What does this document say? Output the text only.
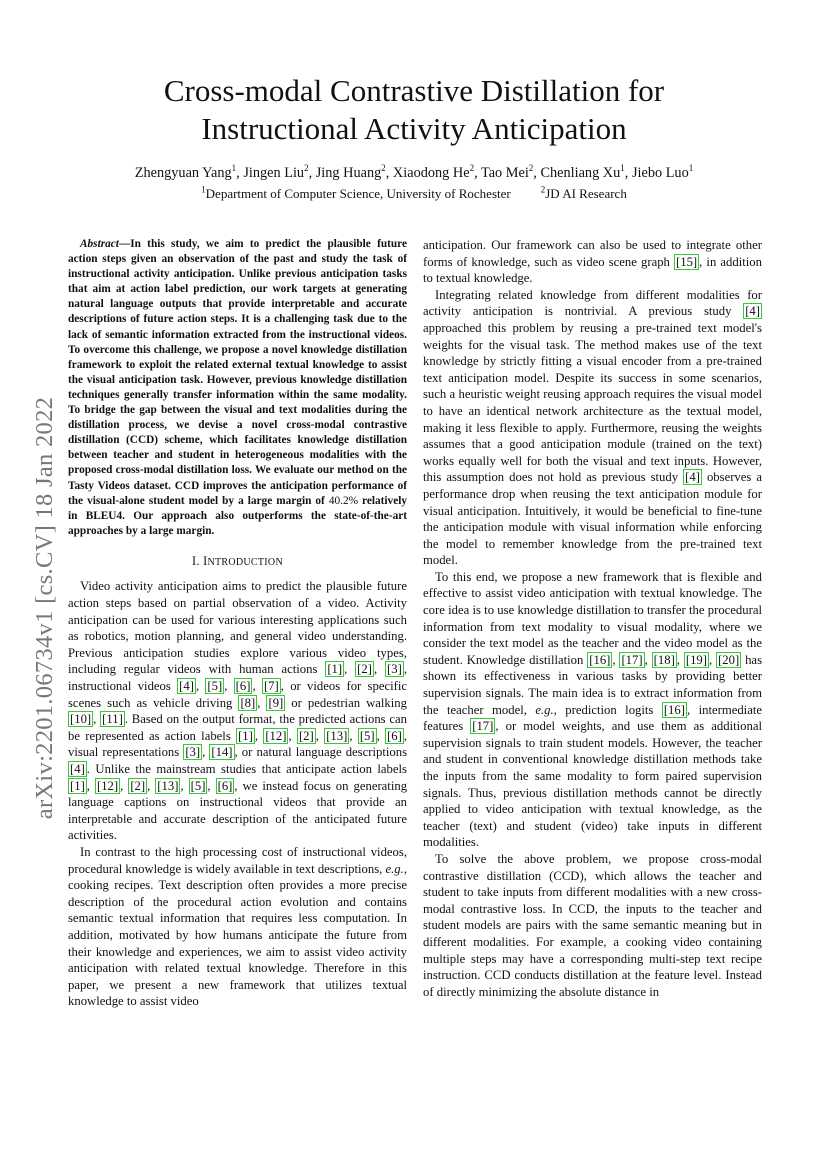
arXiv:2201.06734v1 [cs.CV] 18 Jan 2022
Cross-modal Contrastive Distillation for
Instructional Activity Anticipation
Zhengyuan Yang$^1$, Jingen Liu$^2$, Jing Huang$^2$, Xiaodong He$^2$, Tao Mei$^2$, Chenliang Xu$^1$, Jiebo Luo$^1$
$^1$Department of Computer Science, University of Rochester	$^2$JD AI Research

Abstract—In this study, we aim to predict the plausible future action steps given an observation of the past and study the task of instructional activity anticipation. Unlike previous anticipation tasks that aim at action label prediction, our work targets at generating natural language outputs that provide interpretable and accurate descriptions of future action steps. It is a challenging task due to the lack of semantic information extracted from the instructional videos. To overcome this challenge, we propose a novel knowledge distillation framework to exploit the related external textual knowledge to assist the visual anticipation task. However, previous knowledge distillation techniques generally transfer information within the same modality. To bridge the gap between the visual and text modalities during the distillation process, we devise a novel cross-modal contrastive distillation (CCD) scheme, which facilitates knowledge distillation between teacher and student in heterogeneous modalities with the proposed cross-modal distillation loss. We evaluate our method on the Tasty Videos dataset. CCD improves the anticipation performance of the visual-alone student model by a large margin of 40.2% relatively in BLEU4. Our approach also outperforms the state-of-the-art approaches by a large margin.

I. INTRODUCTION

Video activity anticipation aims to predict the plausible future action steps based on partial observation of a video. Activity anticipation can be used for various interesting applications such as robotics, motion planning, and general video understanding. Previous anticipation studies explore various video types, including regular videos with human actions [1] , [2] , [3] , instructional videos [4] , [5] , [6] , [7] , or videos for specific scenes such as vehicle driving [8] , [9] or pedestrian walking [10] , [11] . Based on the output format, the predicted actions can be represented as action labels [1] , [12] , [2] , [13] , [5] , [6] , visual representations [3] , [14] , or natural language descriptions [4] . Unlike the mainstream studies that anticipate action labels [1] , [12] , [2] , [13] , [5] , [6] , we instead focus on generating language captions on instructional videos that provide an interpretable and accurate description of the anticipated future activities.

In contrast to the high processing cost of instructional videos, procedural knowledge is widely available in text descriptions, e.g., cooking recipes. Text description often provides a more precise description of the procedural action evolution and contains semantic textual information that requires less computation. In addition, motivated by how humans anticipate the future from their knowledge and experiences, we aim to assist video activity anticipation with related textual knowledge. Therefore in this paper, we present a new framework that utilizes textual knowledge to assist video

anticipation. Our framework can also be used to integrate other forms of knowledge, such as video scene graph [15] , in addition to textual knowledge.

Integrating related knowledge from different modalities for activity anticipation is nontrivial. A previous study [4] approached this problem by reusing a pre-trained text model's weights for the visual task. The method makes use of the text knowledge by strictly fitting a visual encoder from a pre-trained text anticipation model. Despite its success in some scenarios, such a heuristic weight reusing approach requires the visual model to have an identical network architecture as the textual model, making it less flexible to apply. Furthermore, reusing the weights assumes that a good anticipation module (trained on the text) works equally well for both the visual and text inputs. However, this assumption does not hold as previous study [4] observes a performance drop when reusing the text anticipation module for visual anticipation. Intuitively, it would be beneficial to fine-tune the anticipation module with visual information while enforcing the model to remember knowledge from the pre-trained text model.

To this end, we propose a new framework that is flexible and effective to assist video anticipation with textual knowledge. The core idea is to use knowledge distillation to transfer the procedural information from text modality to visual modality, where we consider the text model as the teacher and the video model as the student. Knowledge distillation [16] , [17] , [18] , [19] , [20] has shown its effectiveness in various tasks by providing better supervision signals. The main idea is to extract information from the teacher model, e.g., prediction logits [16] , intermediate features [17] , or model weights, and use them as additional supervision signals to train student models. However, the teacher and student in conventional knowledge distillation methods take the inputs from the same modality to form paired supervision signals. Thus, previous distillation methods cannot be directly applied to video anticipation with textual knowledge, as the teacher (text) and student (video) take inputs in different modalities.

To solve the above problem, we propose cross-modal contrastive distillation (CCD), which allows the teacher and student to take inputs from different modalities with a new cross-modal contrastive loss. In CCD, the inputs to the teacher and student models are pairs with the same semantic meaning but in different modalities. For example, a cooking video containing multiple steps may have a corresponding multi-step text recipe instruction. CCD conducts distillation at the feature level. Instead of directly minimizing the absolute distance in
